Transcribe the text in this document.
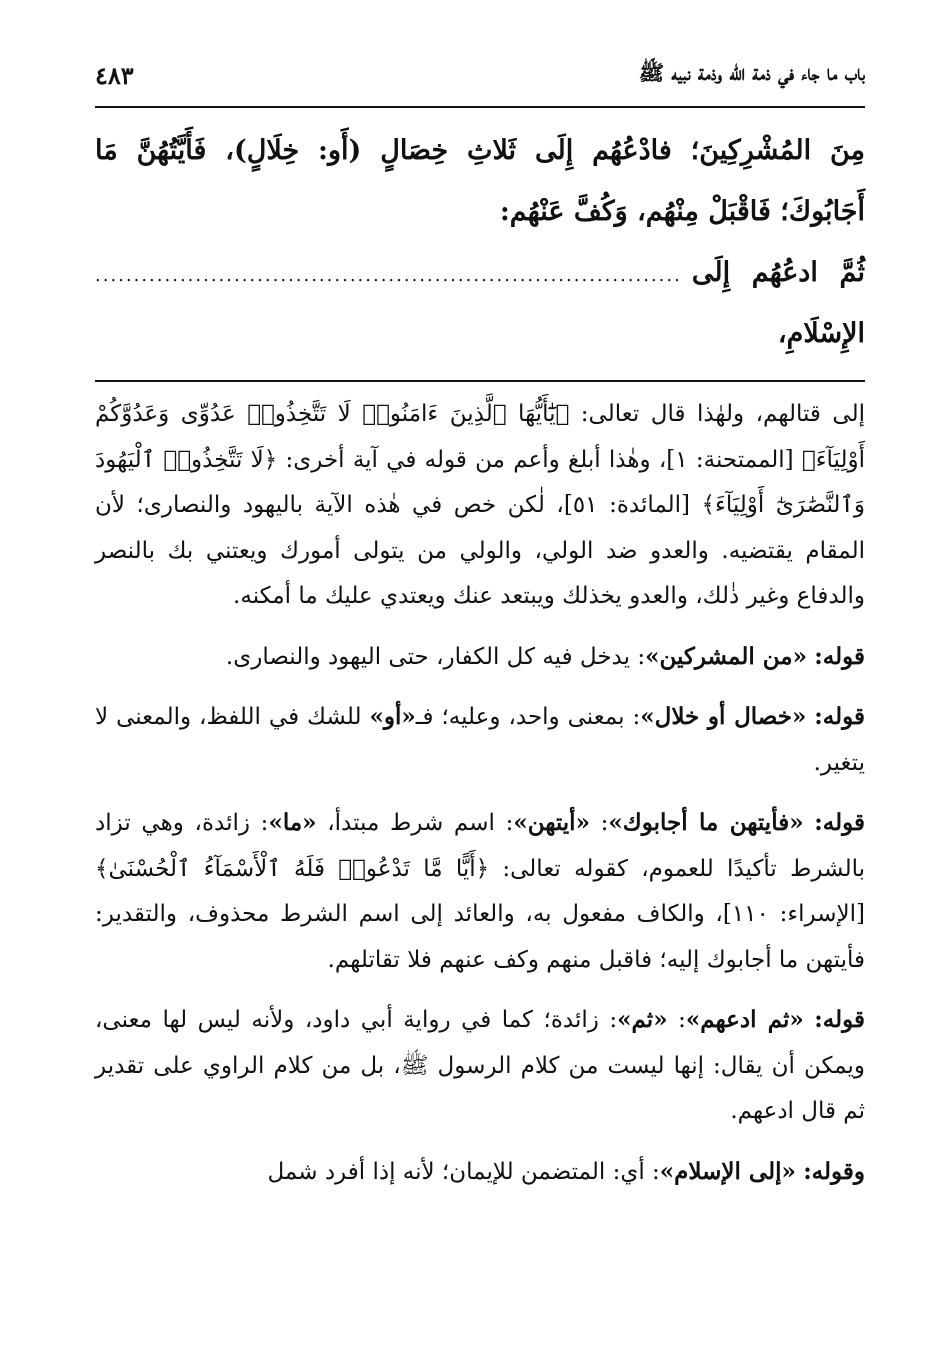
باب ما جاء في ذمة الله وذمة نبيه ﷺ
٤٨٣

مِنَ المُشْرِكِينَ؛ فادْعُهُم إِلَى ثَلاثِ خِصَالٍ (أَو: خِلَالٍ)، فَأَيَّتُهُنَّ مَا أَجَابُوكَ؛ فَاقْبَلْ مِنْهُم، وَكُفَّ عَنْهُم:

ثُمَّ ادعُهُم إِلَى الإِسْلَامِ،
............................................................................

إلى قتالهم، ولهٰذا قال تعالى: ﴿يَٰٓأَيُّهَا ٱلَّذِينَ ءَامَنُوا۟ لَا تَتَّخِذُوا۟ عَدُوِّى وَعَدُوَّكُمْ أَوْلِيَآءَ﴾ [الممتحنة: ١]، وهٰذا أبلغ وأعم من قوله في آية أخرى: ﴿لَا تَتَّخِذُوا۟ ٱلْيَهُودَ وَٱلنَّصَٰرَىٰٓ أَوْلِيَآءَ﴾ [المائدة: ٥١]، لٰكن خص في هٰذه الآية باليهود والنصارى؛ لأن المقام يقتضيه. والعدو ضد الولي، والولي من يتولى أمورك ويعتني بك بالنصر والدفاع وغير ذٰلك، والعدو يخذلك ويبتعد عنك ويعتدي عليك ما أمكنه.

قوله: «من المشركين»: يدخل فيه كل الكفار، حتى اليهود والنصارى.

قوله: «خصال أو خلال»: بمعنى واحد، وعليه؛ فـ«أو» للشك في اللفظ، والمعنى لا يتغير.

قوله: «فأيتهن ما أجابوك»: «أيتهن»: اسم شرط مبتدأ، «ما»: زائدة، وهي تزاد بالشرط تأكيدًا للعموم، كقوله تعالى: ﴿أَيًّا مَّا تَدْعُوا۟ فَلَهُ ٱلْأَسْمَآءُ ٱلْحُسْنَىٰ﴾ [الإسراء: ١١٠]، والكاف مفعول به، والعائد إلى اسم الشرط محذوف، والتقدير: فأيتهن ما أجابوك إليه؛ فاقبل منهم وكف عنهم فلا تقاتلهم.

قوله: «ثم ادعهم»: «ثم»: زائدة؛ كما في رواية أبي داود، ولأنه ليس لها معنى، ويمكن أن يقال: إنها ليست من كلام الرسول ﷺ، بل من كلام الراوي على تقدير ثم قال ادعهم.

وقوله: «إلى الإسلام»: أي: المتضمن للإيمان؛ لأنه إذا أفرد شمل
